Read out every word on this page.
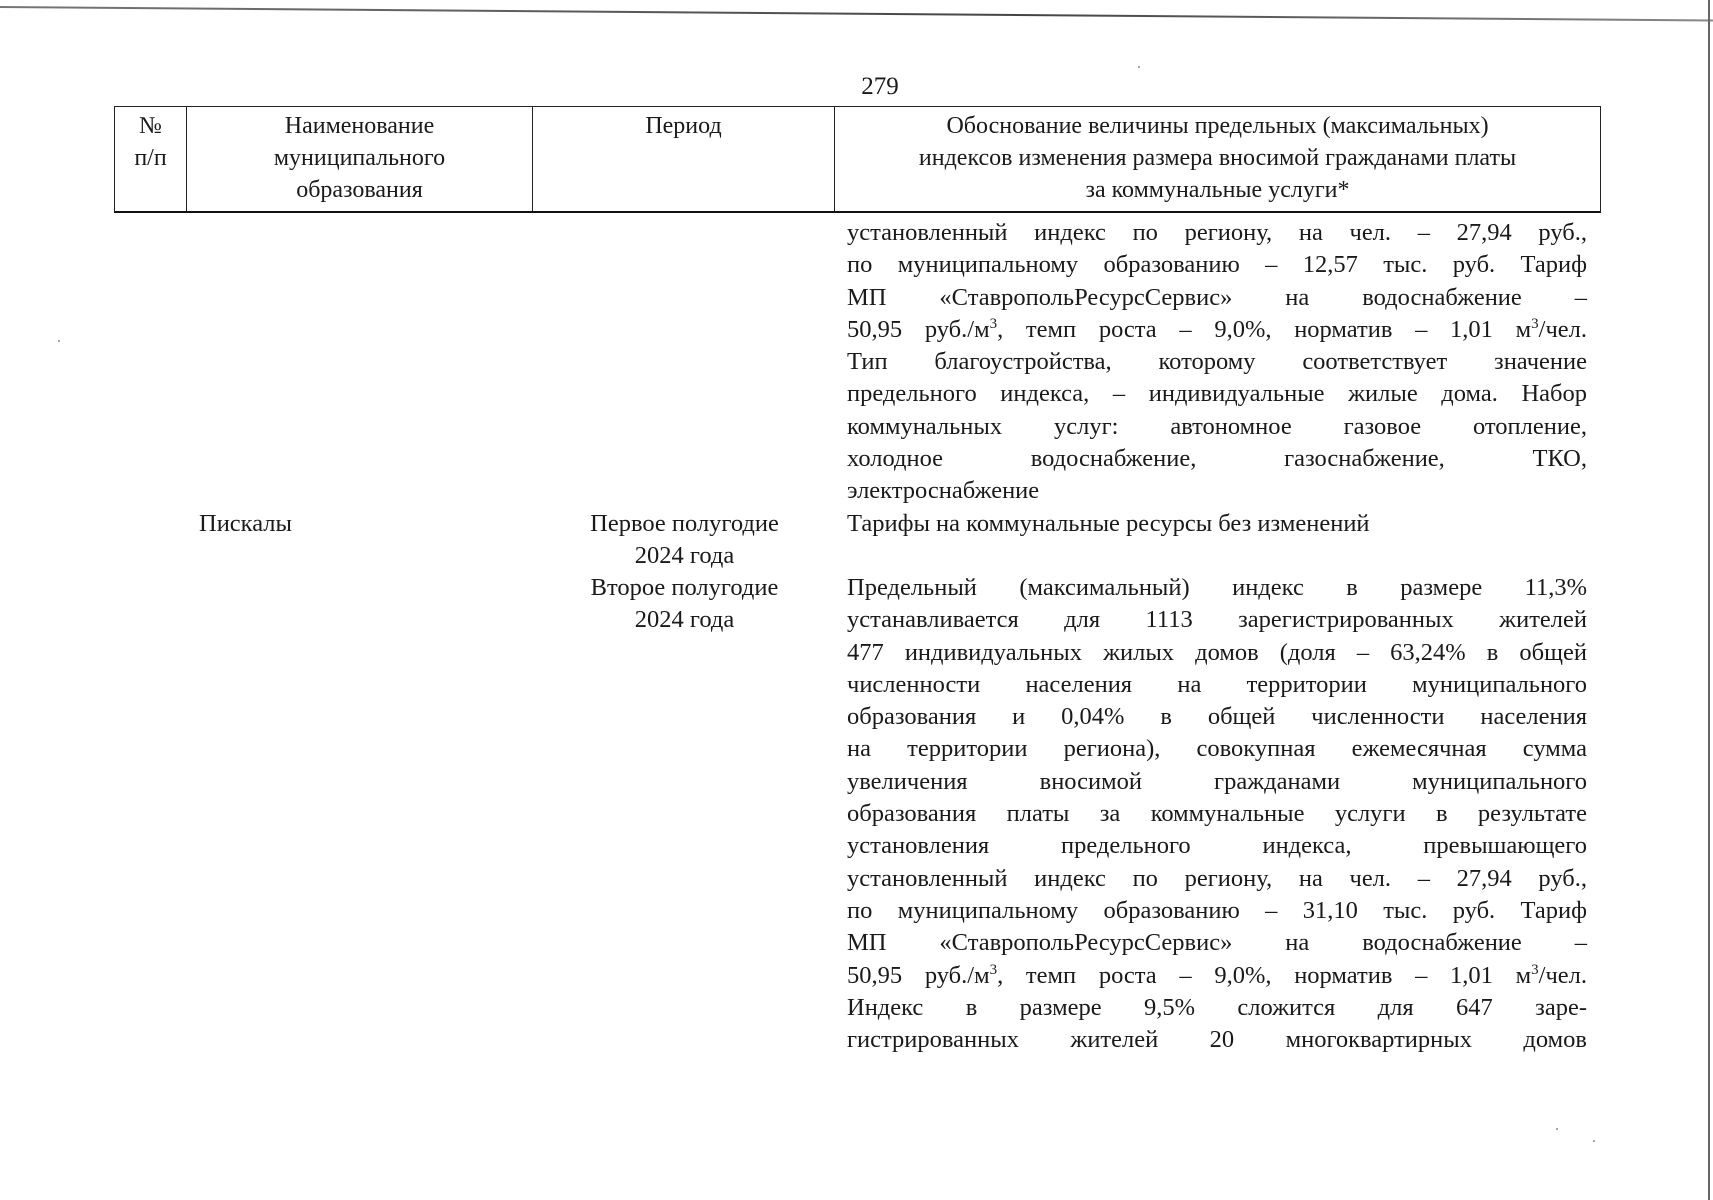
279
№
п/п
Наименование
муниципального
образования
Период	Обоснование величины предельных (максимальных)
индексов изменения размера вносимой гражданами платы
за коммунальные услуги*
установленный индекс по региону, на чел. – 27,94 руб.,
по муниципальному образованию – 12,57 тыс. руб. Тариф
МП «СтавропольРесурсСервис» на водоснабжение –
50,95 $руб./м^3$, темп роста – 9,0%, норматив – 1,01 $м^3$/чел.
Тип благоустройства, которому соответствует значение
предельного индекса, – индивидуальные жилые дома. Набор
коммунальных услуг: автономное газовое отопление,
холодное водоснабжение, газоснабжение, ТКО,
электроснабжение
Пискалы	Первое полугодие
2024 года
Тарифы на коммунальные ресурсы без изменений
Второе полугодие
2024 года
Предельный (максимальный) индекс в размере 11,3%
устанавливается для 1113 зарегистрированных жителей
477 индивидуальных жилых домов (доля – 63,24% в общей
численности населения на территории муниципального
образования и 0,04% в общей численности населения
на территории региона), совокупная ежемесячная сумма
увеличения вносимой гражданами муниципального
образования платы за коммунальные услуги в результате
установления предельного индекса, превышающего
установленный индекс по региону, на чел. – 27,94 руб.,
по муниципальному образованию – 31,10 тыс. руб. Тариф
МП «СтавропольРесурсСервис» на водоснабжение –
50,95 $руб./м^3$, темп роста – 9,0%, норматив – 1,01 $м^3$/чел.
Индекс в размере 9,5% сложится для 647 заре-
гистрированных жителей 20 многоквартирных домов
